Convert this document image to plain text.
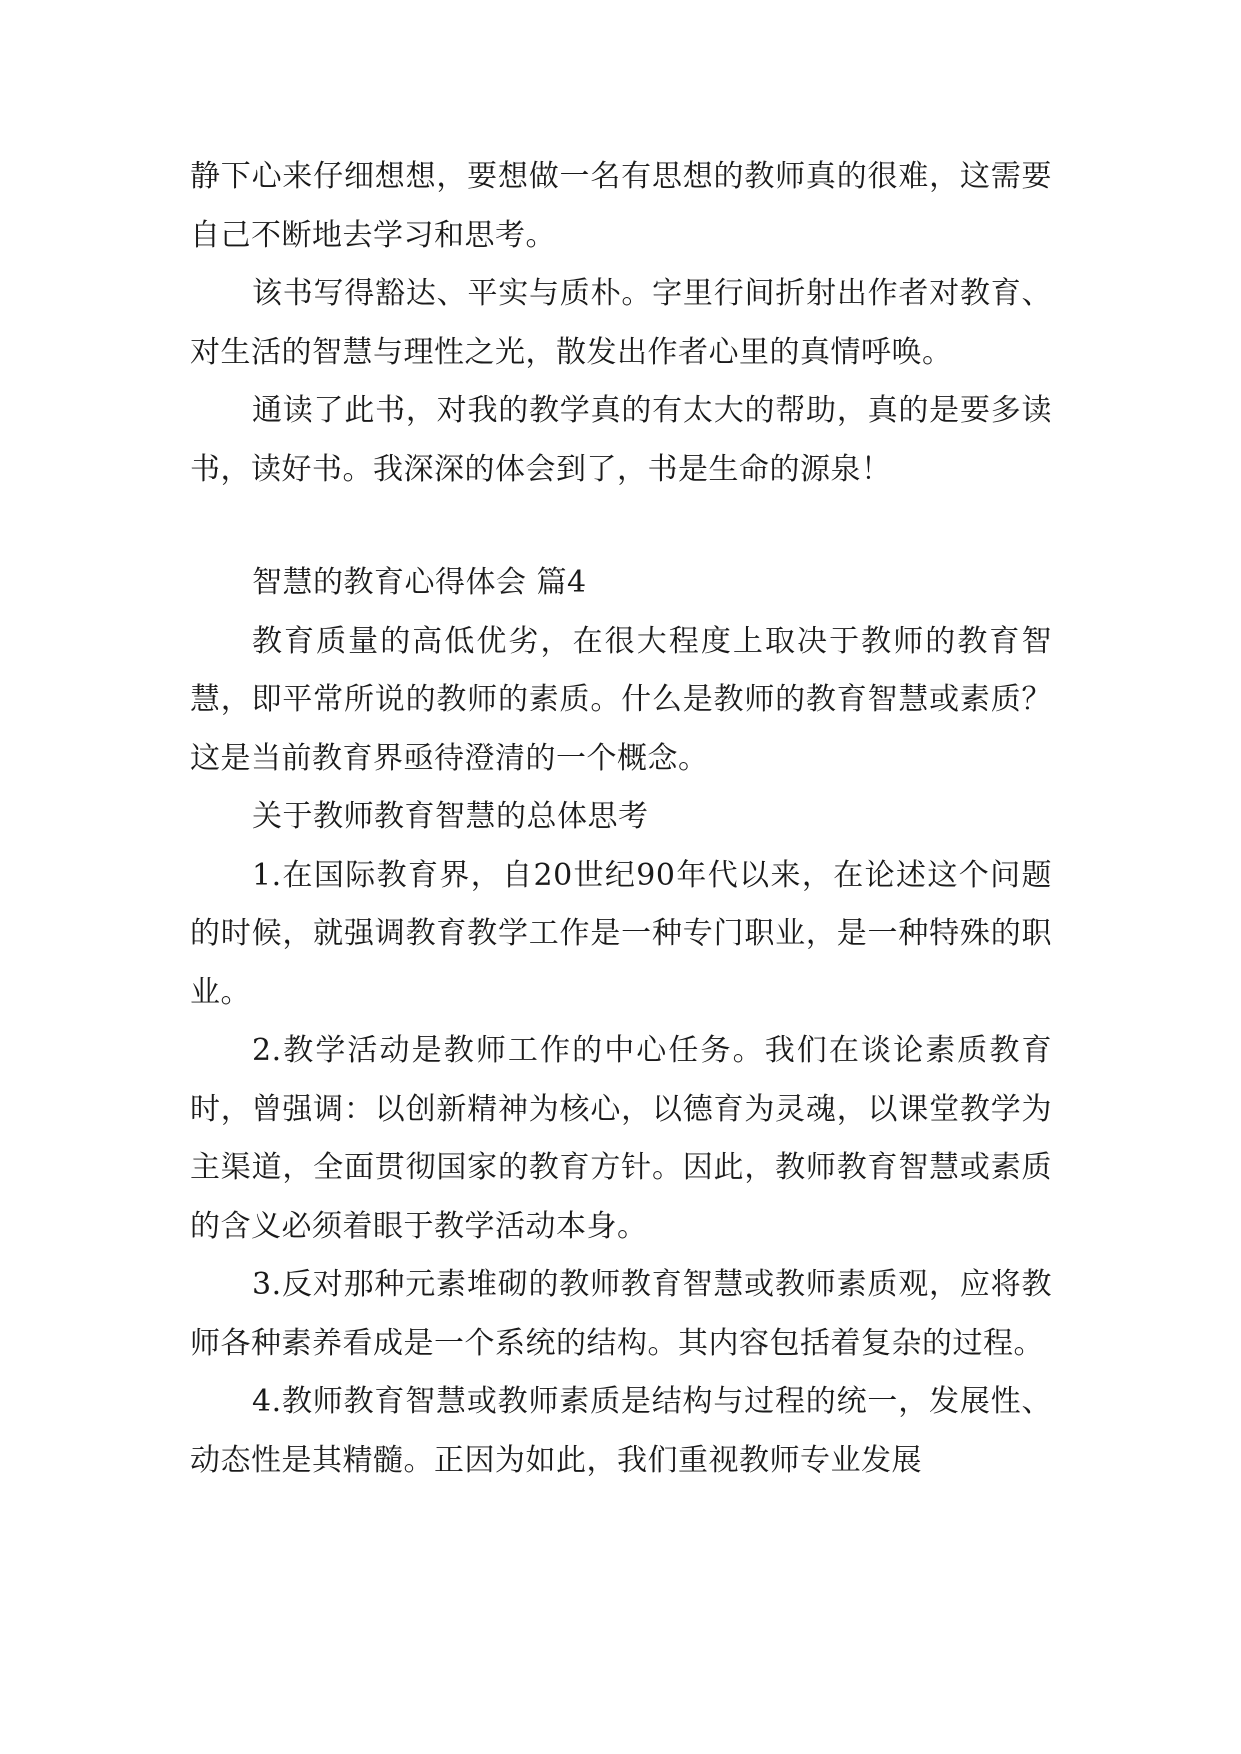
静下心来仔细想想，要想做一名有思想的教师真的很难，这需要自己不断地去学习和思考。

该书写得豁达、平实与质朴。字里行间折射出作者对教育、对生活的智慧与理性之光，散发出作者心里的真情呼唤。

通读了此书，对我的教学真的有太大的帮助，真的是要多读书，读好书。我深深的体会到了，书是生命的源泉！

智慧的教育心得体会 篇4

教育质量的高低优劣，在很大程度上取决于教师的教育智慧，即平常所说的教师的素质。什么是教师的教育智慧或素质？这是当前教育界亟待澄清的一个概念。

关于教师教育智慧的总体思考

1.在国际教育界，自20世纪90年代以来，在论述这个问题的时候，就强调教育教学工作是一种专门职业，是一种特殊的职业。

2.教学活动是教师工作的中心任务。我们在谈论素质教育时，曾强调：以创新精神为核心，以德育为灵魂，以课堂教学为主渠道，全面贯彻国家的教育方针。因此，教师教育智慧或素质的含义必须着眼于教学活动本身。

3.反对那种元素堆砌的教师教育智慧或教师素质观，应将教师各种素养看成是一个系统的结构。其内容包括着复杂的过程。

4.教师教育智慧或教师素质是结构与过程的统一，发展性、动态性是其精髓。正因为如此，我们重视教师专业发展
